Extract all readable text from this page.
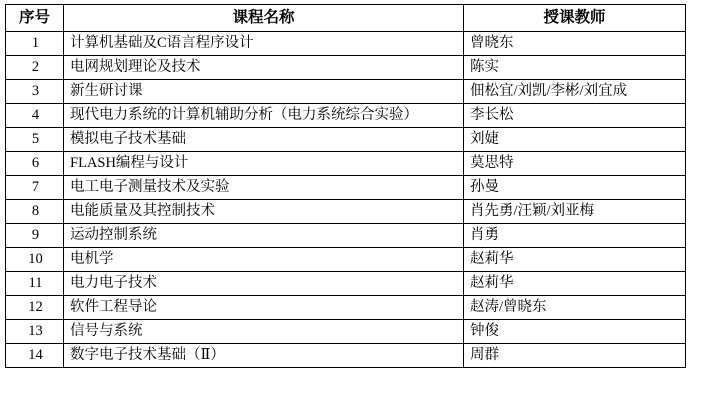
序号	课程名称	授课教师
1	计算机基础及C语言程序设计	曾晓东
2	电网规划理论及技术	陈实
3	新生研讨课	佃松宜/刘凯/李彬/刘宜成
4	现代电力系统的计算机辅助分析（电力系统综合实验）	李长松
5	模拟电子技术基础	刘婕
6	FLASH编程与设计	莫思特
7	电工电子测量技术及实验	孙曼
8	电能质量及其控制技术	肖先勇/汪颖/刘亚梅
9	运动控制系统	肖勇
10	电机学	赵莉华
11	电力电子技术	赵莉华
12	软件工程导论	赵涛/曾晓东
13	信号与系统	钟俊
14	数字电子技术基础（Ⅱ）	周群
